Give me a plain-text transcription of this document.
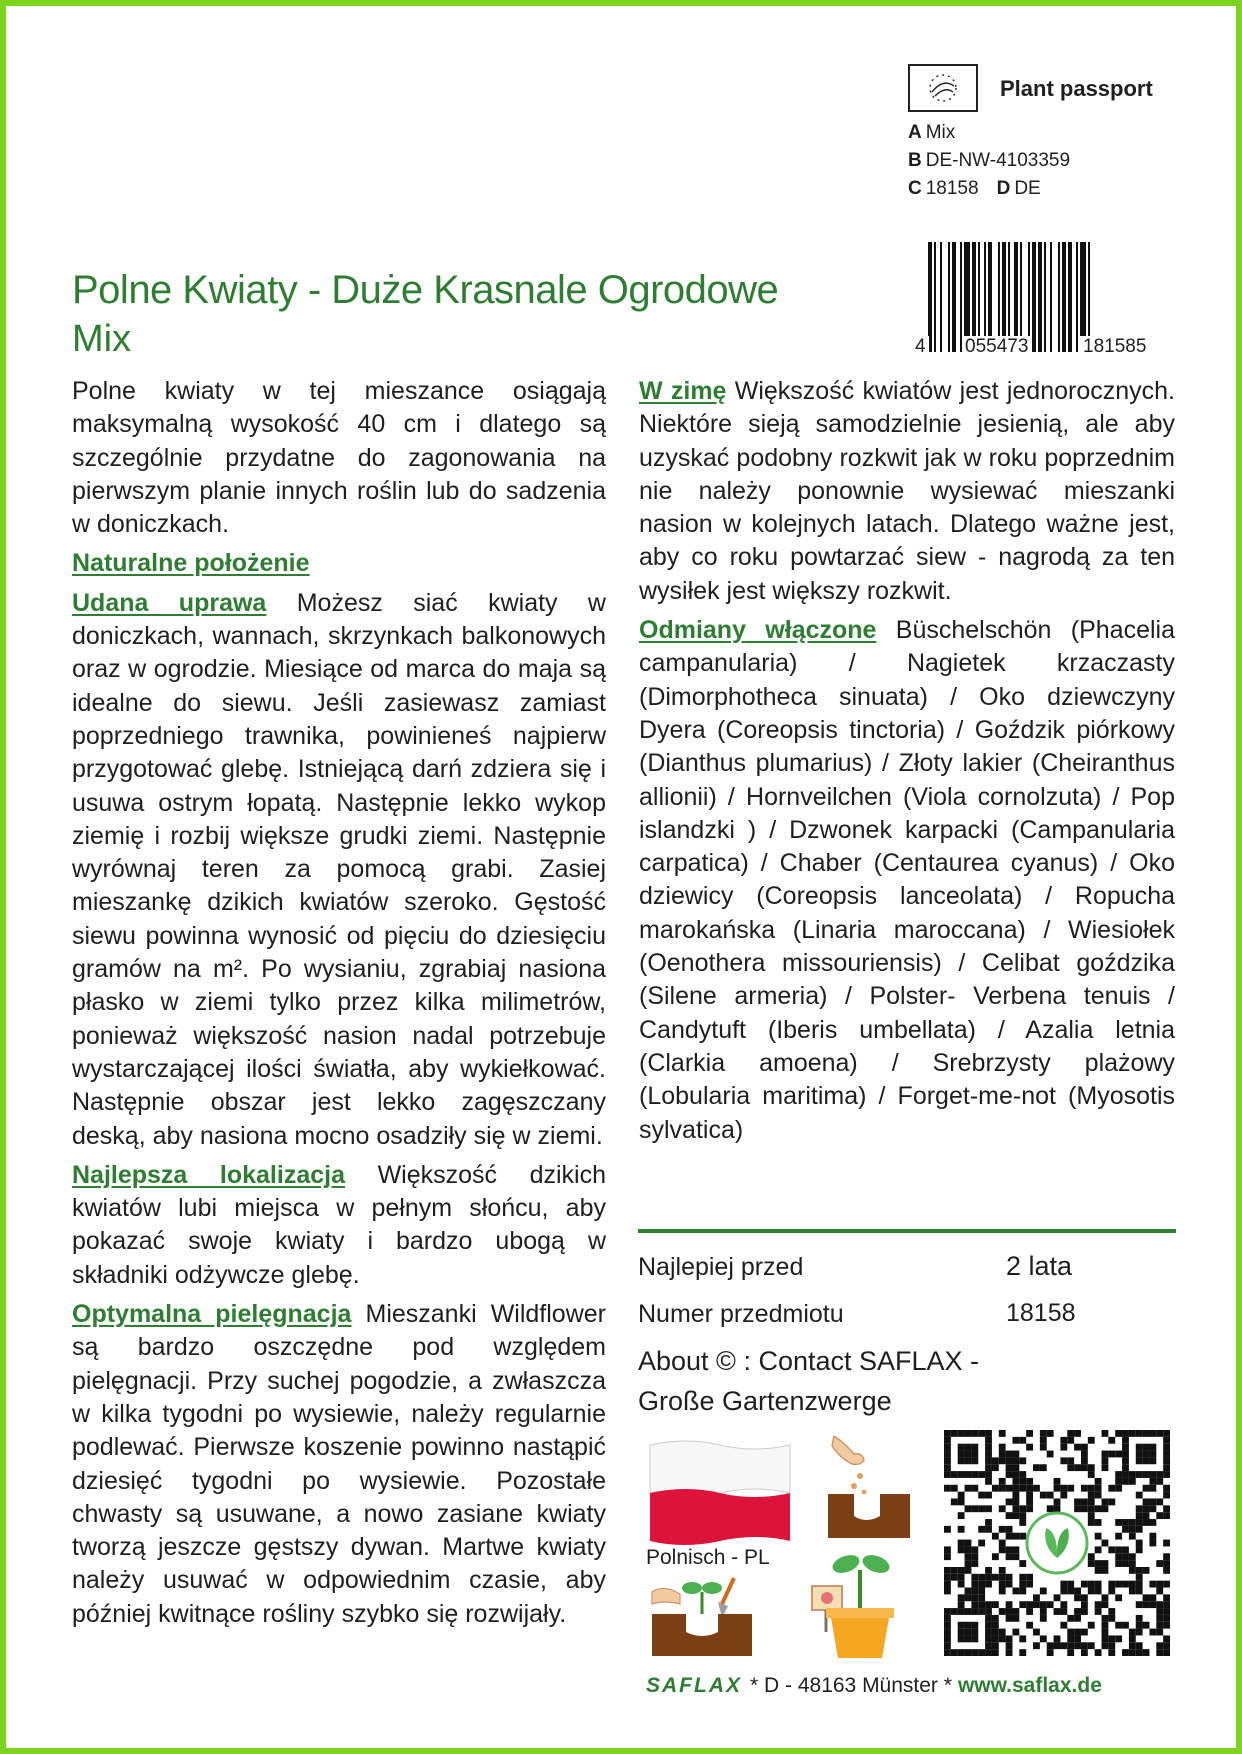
Plant passport
A Mix
B DE-NW-4103359
C 18158 D DE
4 055473	181585
Polne Kwiaty - Duże Krasnale Ogrodowe
Mix

Polne kwiaty w tej mieszance osiągają maksymalną wysokość 40 cm i dlatego są szczególnie przydatne do zagonowania na pierwszym planie innych roślin lub do sadzenia w doniczkach.

Naturalne położenie

Udana uprawa Możesz siać kwiaty w doniczkach, wannach, skrzynkach balkonowych oraz w ogrodzie. Miesiące od marca do maja są idealne do siewu. Jeśli zasiewasz zamiast poprzedniego trawnika, powinieneś najpierw przygotować glebę. Istniejącą darń zdziera się i usuwa ostrym łopatą. Następnie lekko wykop ziemię i rozbij większe grudki ziemi. Następnie wyrównaj teren za pomocą grabi. Zasiej mieszankę dzikich kwiatów szeroko. Gęstość siewu powinna wynosić od pięciu do dziesięciu gramów na m². Po wysianiu, zgrabiaj nasiona płasko w ziemi tylko przez kilka milimetrów, ponieważ większość nasion nadal potrzebuje wystarczającej ilości światła, aby wykiełkować. Następnie obszar jest lekko zagęszczany deską, aby nasiona mocno osadziły się w ziemi.

Najlepsza lokalizacja Większość dzikich kwiatów lubi miejsca w pełnym słońcu, aby pokazać swoje kwiaty i bardzo ubogą w składniki odżywcze glebę.

Optymalna pielęgnacja Mieszanki Wildflower są bardzo oszczędne pod względem pielęgnacji. Przy suchej pogodzie, a zwłaszcza w kilka tygodni po wysiewie, należy regularnie podlewać. Pierwsze koszenie powinno nastąpić dziesięć tygodni po wysiewie. Pozostałe chwasty są usuwane, a nowo zasiane kwiaty tworzą jeszcze gęstszy dywan. Martwe kwiaty należy usuwać w odpowiednim czasie, aby później kwitnące rośliny szybko się rozwijały.

W zimę Większość kwiatów jest jednorocznych. Niektóre sieją samodzielnie jesienią, ale aby uzyskać podobny rozkwit jak w roku poprzednim nie należy ponownie wysiewać mieszanki nasion w kolejnych latach. Dlatego ważne jest, aby co roku powtarzać siew - nagrodą za ten wysiłek jest większy rozkwit.

Odmiany włączone Büschelschön (Phacelia campanularia) / Nagietek krzaczasty (Dimorphotheca sinuata) / Oko dziewczyny Dyera (Coreopsis tinctoria) / Goździk piórkowy (Dianthus plumarius) / Złoty lakier (Cheiranthus allionii) / Hornveilchen (Viola cornolzuta) / Pop islandzki ) / Dzwonek karpacki (Campanularia carpatica) / Chaber (Centaurea cyanus) / Oko dziewicy (Coreopsis lanceolata) / Ropucha marokańska (Linaria maroccana) / Wiesiołek (Oenothera missouriensis) / Celibat goździka (Silene armeria) / Polster- Verbena tenuis / Candytuft (Iberis umbellata) / Azalia letnia (Clarkia amoena) / Srebrzysty plażowy (Lobularia maritima) / Forget-me-not (Myosotis sylvatica)

Najlepiej przed	2 lata
Numer przedmiotu	18158
About © : Contact SAFLAX - Große Gartenzwerge
Polnisch - PL
SAFLAX * D - 48163 Münster * www.saflax.de
